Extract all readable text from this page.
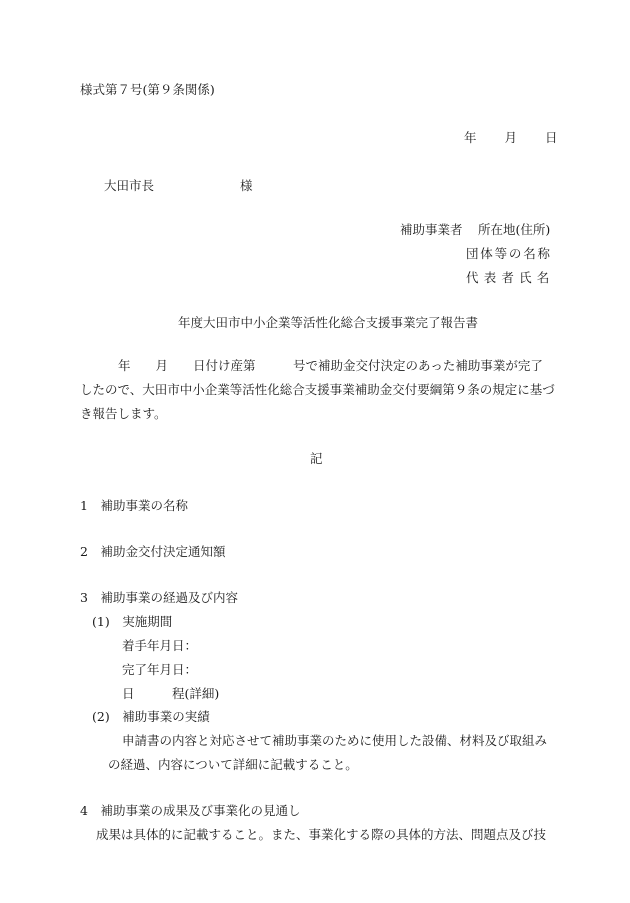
様式第７号(第９条関係)
年　　月　　日
大田市長	様
補助事業者 所在地(住所)
団体等の名称
代表者氏名
年度大田市中小企業等活性化総合支援事業完了報告書
年　　月　　日付け産第　　　号で補助金交付決定のあった補助事業が完了
したので、大田市中小企業等活性化総合支援事業補助金交付要綱第９条の規定に基づ
き報告します。
記
1　補助事業の名称
2　補助金交付決定通知額
3　補助事業の経過及び内容
(1)　実施期間
着手年月日：
完了年月日：
日　　　程(詳細)
(2)　補助事業の実績
申請書の内容と対応させて補助事業のために使用した設備、材料及び取組み
の経過、内容について詳細に記載すること。
4　補助事業の成果及び事業化の見通し
成果は具体的に記載すること。また、事業化する際の具体的方法、問題点及び技
